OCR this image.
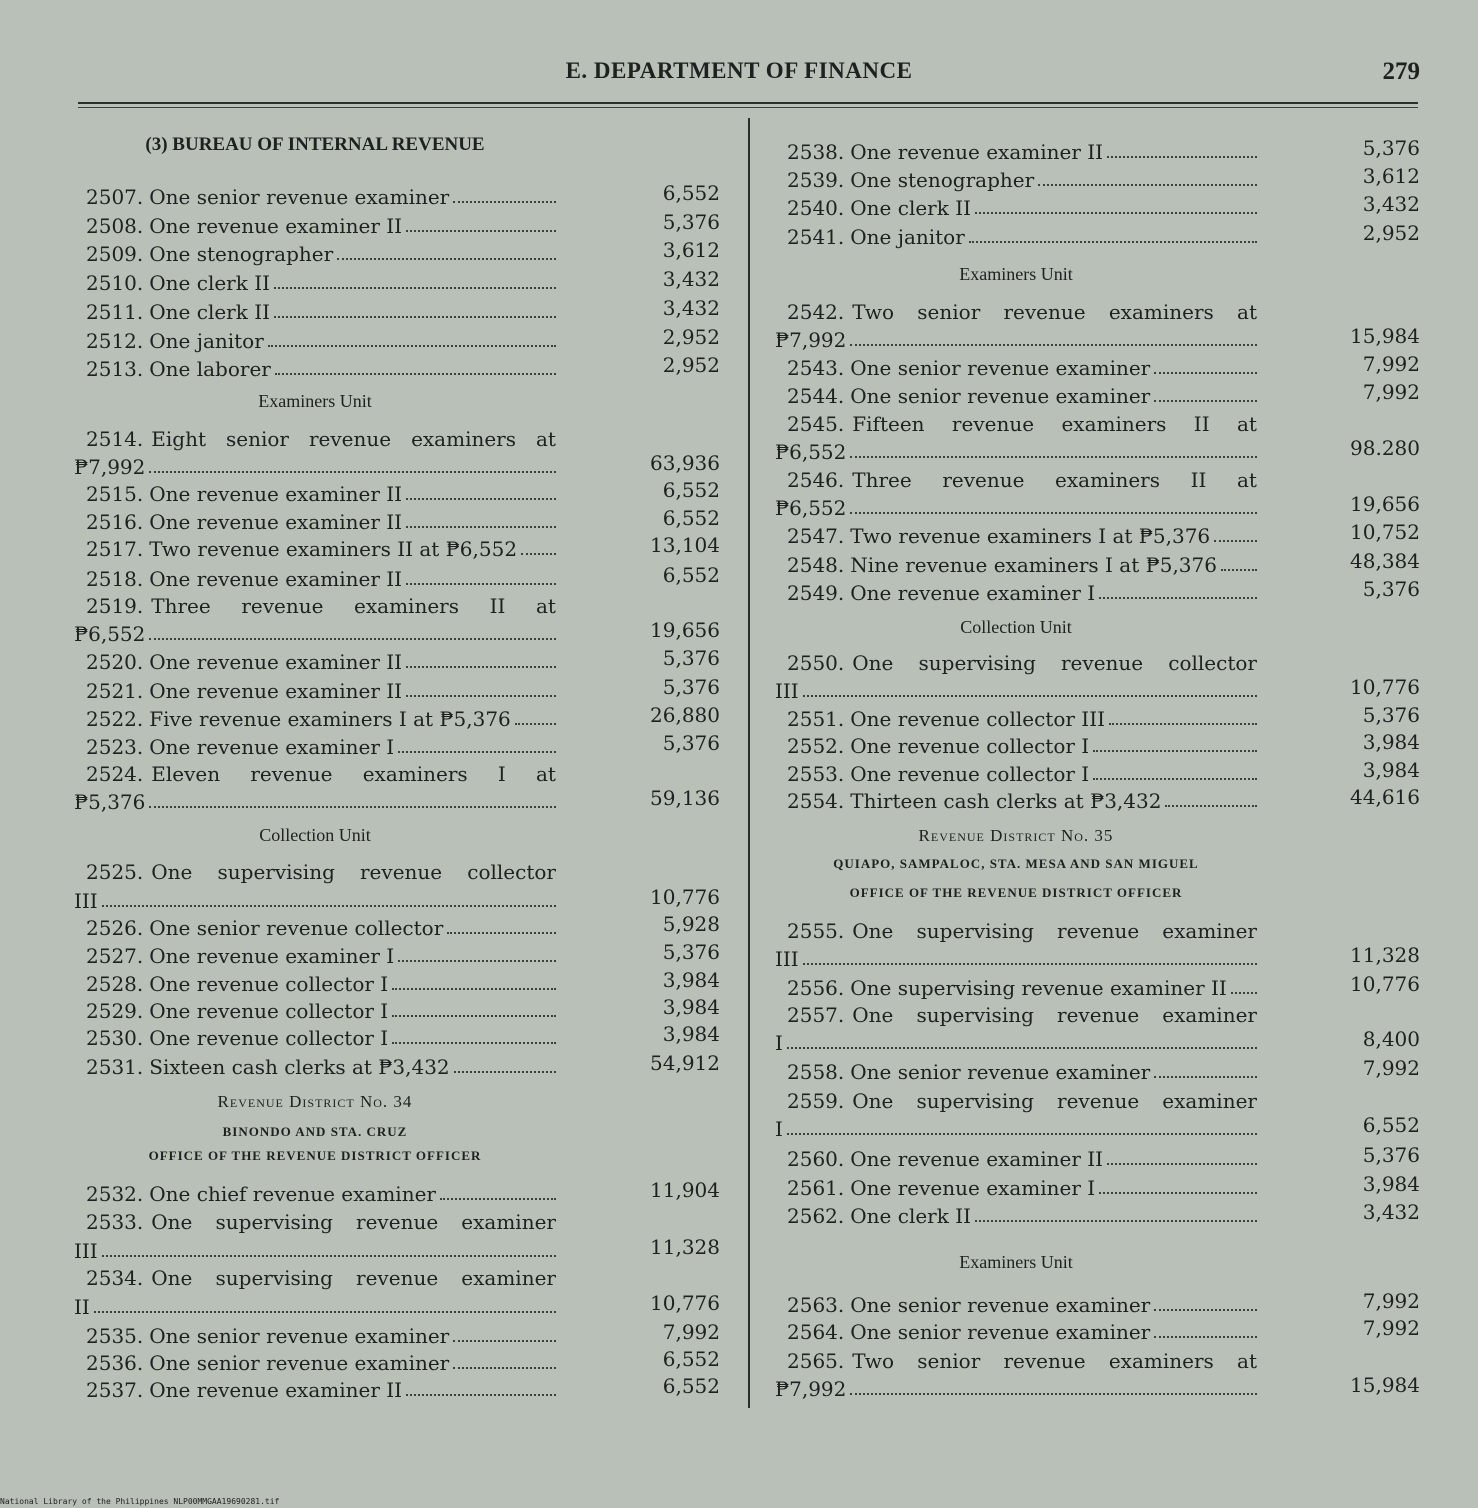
E. DEPARTMENT OF FINANCE	279
(3) BUREAU OF INTERNAL REVENUE
2507. One senior revenue examiner	6,552
2508. One revenue examiner II	5,376
2509. One stenographer	3,612
2510. One clerk II	3,432
2511. One clerk II	3,432
2512. One janitor	2,952
2513. One laborer	2,952
Examiners Unit
2514. Eight senior revenue examiners at
₱7,992	63,936
2515. One revenue examiner II	6,552
2516. One revenue examiner II	6,552
2517. Two revenue examiners II at ₱6,552	13,104
2518. One revenue examiner II	6,552
2519. Three revenue examiners II at
₱6,552	19,656
2520. One revenue examiner II	5,376
2521. One revenue examiner II	5,376
2522. Five revenue examiners I at ₱5,376	26,880
2523. One revenue examiner I	5,376
2524. Eleven revenue examiners I at
₱5,376	59,136
Collection Unit
2525. One supervising revenue collector
III	10,776
2526. One senior revenue collector	5,928
2527. One revenue examiner I	5,376
2528. One revenue collector I	3,984
2529. One revenue collector I	3,984
2530. One revenue collector I	3,984
2531. Sixteen cash clerks at ₱3,432	54,912
Revenue District No. 34
BINONDO AND STA. CRUZ
OFFICE OF THE REVENUE DISTRICT OFFICER
2532. One chief revenue examiner	11,904
2533. One supervising revenue examiner
III	11,328
2534. One supervising revenue examiner
II	10,776
2535. One senior revenue examiner	7,992
2536. One senior revenue examiner	6,552
2537. One revenue examiner II	6,552
2538. One revenue examiner II	5,376
2539. One stenographer	3,612
2540. One clerk II	3,432
2541. One janitor	2,952
Examiners Unit
2542. Two senior revenue examiners at
₱7,992	15,984
2543. One senior revenue examiner	7,992
2544. One senior revenue examiner	7,992
2545. Fifteen revenue examiners II at
₱6,552	98.280
2546. Three revenue examiners II at
₱6,552	19,656
2547. Two revenue examiners I at ₱5,376	10,752
2548. Nine revenue examiners I at ₱5,376	48,384
2549. One revenue examiner I	5,376
Collection Unit
2550. One supervising revenue collector
III	10,776
2551. One revenue collector III	5,376
2552. One revenue collector I	3,984
2553. One revenue collector I	3,984
2554. Thirteen cash clerks at ₱3,432	44,616
Revenue District No. 35
QUIAPO, SAMPALOC, STA. MESA AND SAN MIGUEL
OFFICE OF THE REVENUE DISTRICT OFFICER
2555. One supervising revenue examiner
III	11,328
2556. One supervising revenue examiner II	10,776
2557. One supervising revenue examiner
I	8,400
2558. One senior revenue examiner	7,992
2559. One supervising revenue examiner
I	6,552
2560. One revenue examiner II	5,376
2561. One revenue examiner I	3,984
2562. One clerk II	3,432
Examiners Unit
2563. One senior revenue examiner	7,992
2564. One senior revenue examiner	7,992
2565. Two senior revenue examiners at
₱7,992	15,984
National Library of the Philippines NLP00MMGAA19690281.tif
